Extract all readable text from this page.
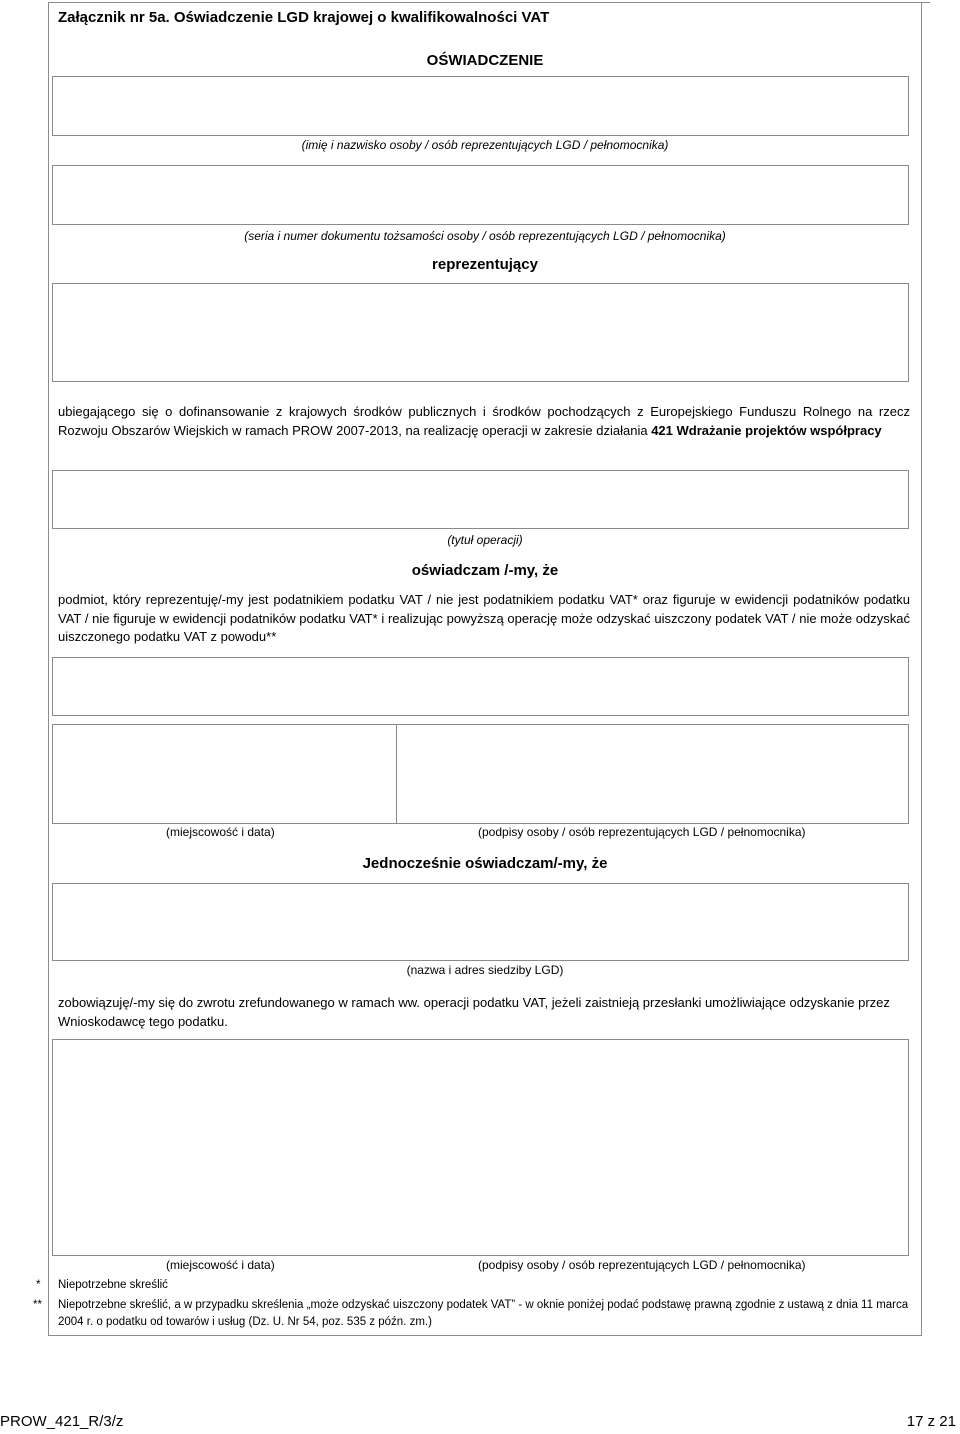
Załącznik nr 5a. Oświadczenie LGD krajowej o kwalifikowalności VAT
OŚWIADCZENIE
(imię i nazwisko osoby / osób reprezentujących LGD / pełnomocnika)
(seria i numer dokumentu tożsamości osoby / osób reprezentujących LGD / pełnomocnika)
reprezentujący
ubiegającego się o dofinansowanie z krajowych środków publicznych i środków pochodzących z Europejskiego Funduszu Rolnego na rzecz Rozwoju Obszarów Wiejskich w ramach PROW 2007-2013, na realizację operacji w zakresie działania 421 Wdrażanie projektów współpracy
(tytuł operacji)
oświadczam /-my, że
podmiot, który reprezentuję/-my jest podatnikiem podatku VAT / nie jest podatnikiem podatku VAT* oraz figuruje w ewidencji podatników podatku VAT / nie figuruje w ewidencji podatników podatku VAT* i realizując powyższą operację może odzyskać uiszczony podatek VAT / nie może odzyskać uiszczonego podatku VAT z powodu**
(miejscowość i data)	(podpisy osoby / osób reprezentujących LGD / pełnomocnika)
Jednocześnie oświadczam/-my, że
(nazwa i adres siedziby LGD)
zobowiązuję/-my się do zwrotu zrefundowanego w ramach ww. operacji podatku VAT, jeżeli zaistnieją przesłanki umożliwiające odzyskanie przez Wnioskodawcę tego podatku.
(miejscowość i data)	(podpisy osoby / osób reprezentujących LGD / pełnomocnika)
* Niepotrzebne skreślić
** Niepotrzebne skreślić, a w przypadku skreślenia „może odzyskać uiszczony podatek VAT” - w oknie poniżej podać podstawę prawną zgodnie z ustawą z dnia 11 marca 2004 r. o podatku od towarów i usług (Dz. U. Nr 54, poz. 535 z późn. zm.)
PROW_421_R/3/z	17 z 21
